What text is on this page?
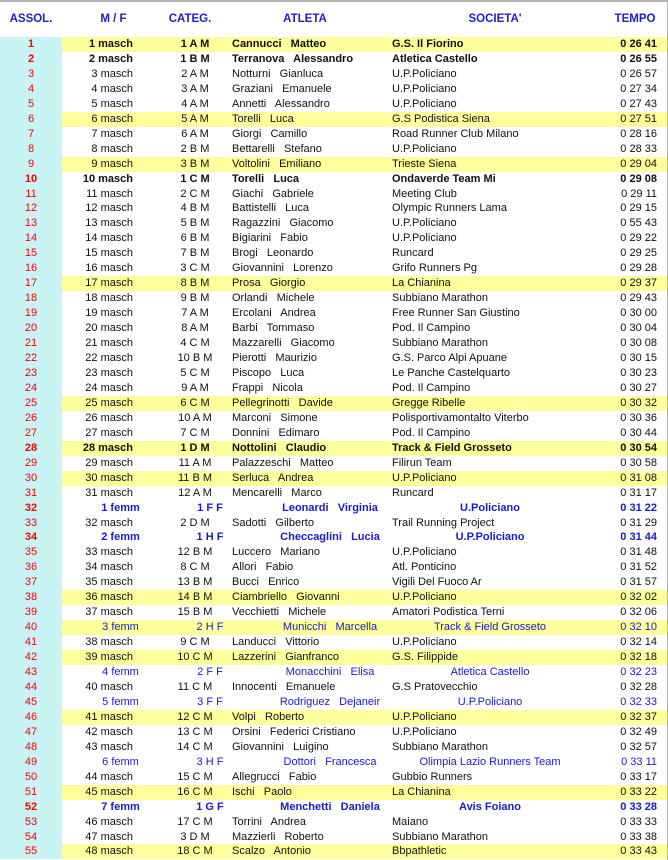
ASSOL.	M / F	CATEG.	ATLETA	SOCIETA'	TEMPO
1	1 masch	1 A M	Cannucci   Matteo	G.S. Il Fiorino	0 26 41
2	2 masch	1 B M	Terranova   Alessandro	Atletica Castello	0 26 55
3	3 masch	2 A M	Notturni   Gianluca	U.P.Policiano	0 26 57
4	4 masch	3 A M	Graziani   Emanuele	U.P.Policiano	0 27 34
5	5 masch	4 A M	Annetti   Alessandro	U.P.Policiano	0 27 43
6	6 masch	5 A M	Torelli   Luca	G.S Podistica Siena	0 27 51
7	7 masch	6 A M	Giorgi   Camillo	Road Runner Club Milano	0 28 16
8	8 masch	2 B M	Bettarelli   Stefano	U.P.Policiano	0 28 33
9	9 masch	3 B M	Voltolini   Emiliano	Trieste Siena	0 29 04
10	10 masch	1 C M	Torelli   Luca	Ondaverde Team Mi	0 29 08
11	11 masch	2 C M	Giachi   Gabriele	Meeting Club	0 29 11
12	12 masch	4 B M	Battistelli   Luca	Olympic Runners Lama	0 29 15
13	13 masch	5 B M	Ragazzini   Giacomo	U.P.Policiano	0 55 43
14	14 masch	6 B M	Bigiarini   Fabio	U.P.Policiano	0 29 22
15	15 masch	7 B M	Brogi   Leonardo	Runcard	0 29 25
16	16 masch	3 C M	Giovannini   Lorenzo	Grifo Runners Pg	0 29 28
17	17 masch	8 B M	Prosa   Giorgio	La Chianina	0 29 37
18	18 masch	9 B M	Orlandi   Michele	Subbiano Marathon	0 29 43
19	19 masch	7 A M	Ercolani   Andrea	Free Runner San Giustino	0 30 00
20	20 masch	8 A M	Barbi   Tommaso	Pod. Il Campino	0 30 04
21	21 masch	4 C M	Mazzarelli   Giacomo	Subbiano Marathon	0 30 08
22	22 masch	10 B M	Pierotti   Maurizio	G.S. Parco Alpi Apuane	0 30 15
23	23 masch	5 C M	Piscopo   Luca	Le Panche Castelquarto	0 30 23
24	24 masch	9 A M	Frappi   Nicola	Pod. Il Campino	0 30 27
25	25 masch	6 C M	Pellegrinotti   Davide	Gregge Ribelle	0 30 32
26	26 masch	10 A M	Marconi   Simone	Polisportivamontalto Viterbo	0 30 36
27	27 masch	7 C M	Donnini   Edimaro	Pod. Il Campino	0 30 44
28	28 masch	1 D M	Nottolini   Claudio	Track & Field Grosseto	0 30 54
29	29 masch	11 A M	Palazzeschi   Matteo	Filirun Team	0 30 58
30	30 masch	11 B M	Serluca   Andrea	U.P.Policiano	0 31 08
31	31 masch	12 A M	Mencarelli   Marco	Runcard	0 31 17
32	1 femm	1 F F	Leonardi   Virginia	U.Policiano	0 31 22
33	32 masch	2 D M	Sadotti   Gilberto	Trail Running Project	0 31 29
34	2 femm	1 H F	Checcaglini   Lucia	U.P.Policiano	0 31 44
35	33 masch	12 B M	Luccero   Mariano	U.P.Policiano	0 31 48
36	34 masch	8 C M	Allori   Fabio	Atl. Ponticino	0 31 52
37	35 masch	13 B M	Bucci   Enrico	Vigili Del Fuoco Ar	0 31 57
38	36 masch	14 B M	Ciambriello   Giovanni	U.P.Policiano	0 32 02
39	37 masch	15 B M	Vecchietti   Michele	Amatori Podistica Terni	0 32 06
40	3 femm	2 H F	Municchi   Marcella	Track & Field Grosseto	0 32 10
41	38 masch	9 C M	Landucci   Vittorio	U.P.Policiano	0 32 14
42	39 masch	10 C M	Lazzerini   Gianfranco	G.S. Filippide	0 32 18
43	4 femm	2 F F	Monacchini   Elisa	Atletica Castello	0 32 23
44	40 masch	11 C M	Innocenti   Emanuele	G.S Pratovecchio	0 32 28
45	5 femm	3 F F	Rodriguez   Dejaneir	U.P.Policiano	0 32 33
46	41 masch	12 C M	Volpi   Roberto	U.P.Policiano	0 32 37
47	42 masch	13 C M	Orsini   Federici Cristiano	U.P.Policiano	0 32 49
48	43 masch	14 C M	Giovannini   Luigino	Subbiano Marathon	0 32 57
49	6 femm	3 H F	Dottori   Francesca	Olimpia Lazio Runners Team	0 33 11
50	44 masch	15 C M	Allegrucci   Fabio	Gubbio Runners	0 33 17
51	45 masch	16 C M	Ischi   Paolo	La Chianina	0 33 22
52	7 femm	1 G F	Menchetti   Daniela	Avis Foiano	0 33 28
53	46 masch	17 C M	Torrini   Andrea	Maiano	0 33 33
54	47 masch	3 D M	Mazzierli   Roberto	Subbiano Marathon	0 33 38
55	48 masch	18 C M	Scalzo   Antonio	Bbpathletic	0 33 43
